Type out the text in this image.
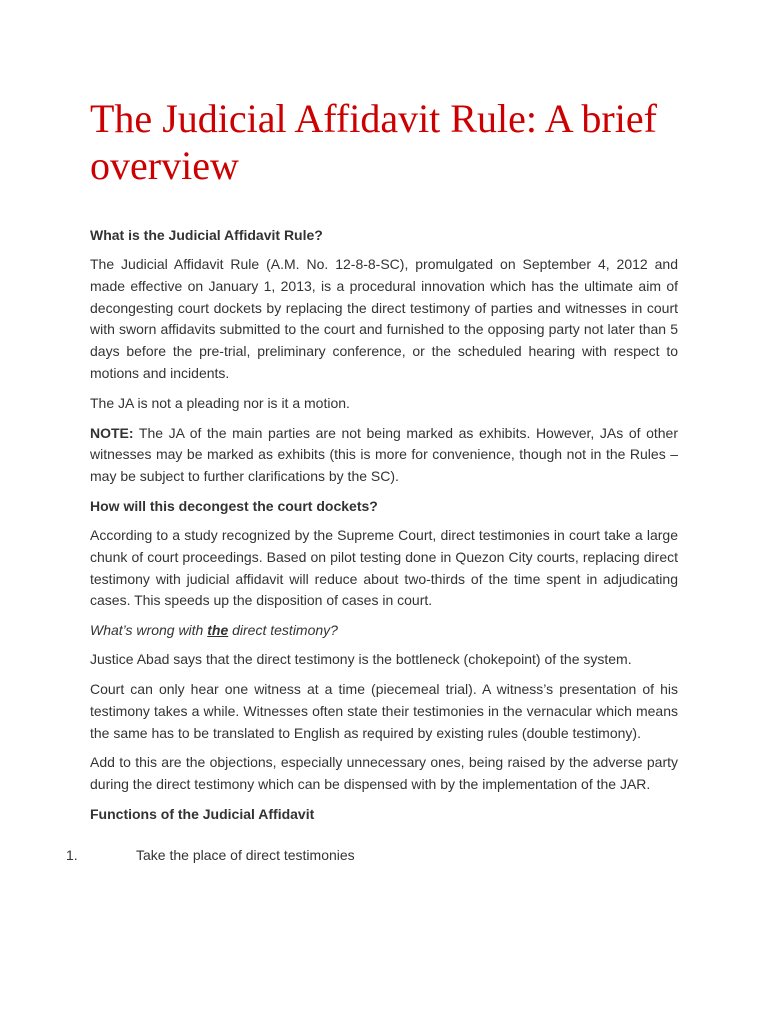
The Judicial Affidavit Rule: A brief overview
What is the Judicial Affidavit Rule?

The Judicial Affidavit Rule (A.M. No. 12-8-8-SC), promulgated on September 4, 2012 and made effective on January 1, 2013, is a procedural innovation which has the ultimate aim of decongesting court dockets by replacing the direct testimony of parties and witnesses in court with sworn affidavits submitted to the court and furnished to the opposing party not later than 5 days before the pre-trial, preliminary conference, or the scheduled hearing with respect to motions and incidents.

The JA is not a pleading nor is it a motion.

NOTE: The JA of the main parties are not being marked as exhibits. However, JAs of other witnesses may be marked as exhibits (this is more for convenience, though not in the Rules – may be subject to further clarifications by the SC).

How will this decongest the court dockets?

According to a study recognized by the Supreme Court, direct testimonies in court take a large chunk of court proceedings. Based on pilot testing done in Quezon City courts, replacing direct testimony with judicial affidavit will reduce about two-thirds of the time spent in adjudicating cases. This speeds up the disposition of cases in court.

What’s wrong with the direct testimony?

Justice Abad says that the direct testimony is the bottleneck (chokepoint) of the system.

Court can only hear one witness at a time (piecemeal trial). A witness’s presentation of his testimony takes a while. Witnesses often state their testimonies in the vernacular which means the same has to be translated to English as required by existing rules (double testimony).

Add to this are the objections, especially unnecessary ones, being raised by the adverse party during the direct testimony which can be dispensed with by the implementation of the JAR.

Functions of the Judicial Affidavit
1.	Take the place of direct testimonies
